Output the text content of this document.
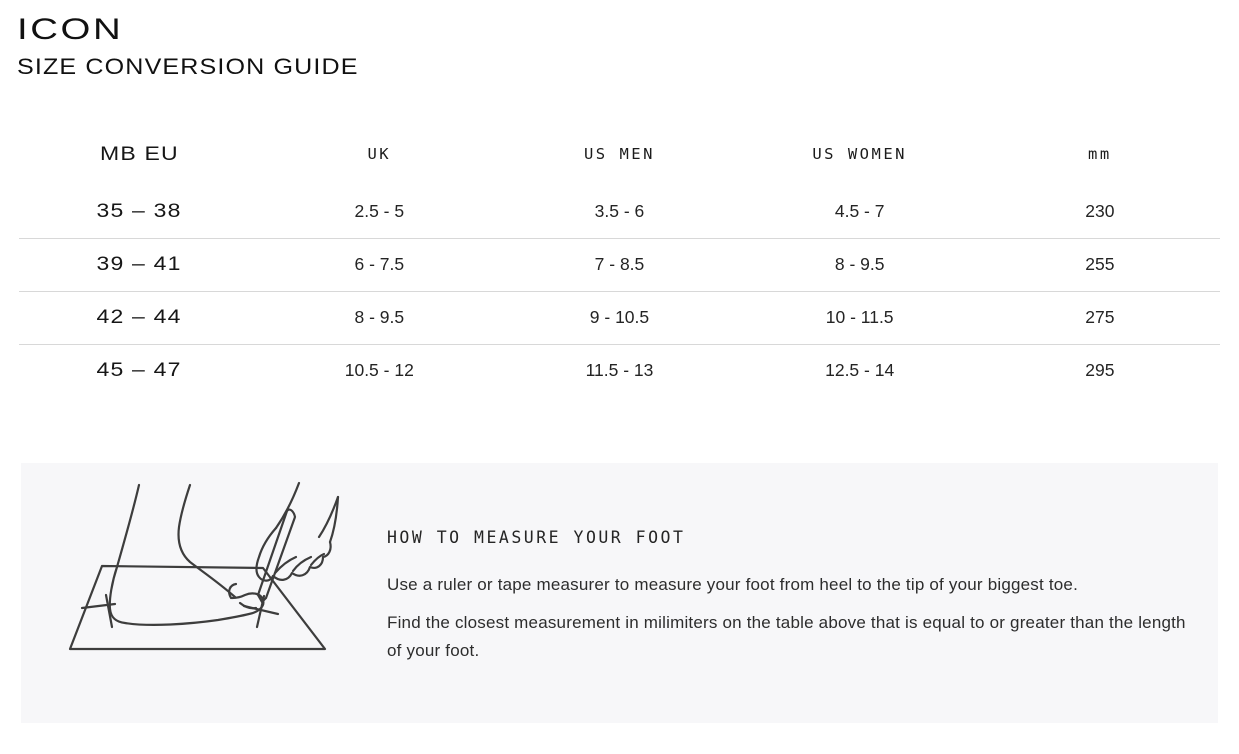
ICON
SIZE CONVERSION GUIDE
MB EU	UK	US MEN	US WOMEN	mm
35 – 38	2.5 - 5	3.5 - 6	4.5 - 7	230
39 – 41	6 - 7.5	7 - 8.5	8 - 9.5	255
42 – 44	8 - 9.5	9 - 10.5	10 - 11.5	275
45 – 47	10.5 - 12	11.5 - 13	12.5 - 14	295
HOW TO MEASURE YOUR FOOT

Use a ruler or tape measurer to measure your foot from heel to the tip of your biggest toe.

Find the closest measurement in milimiters on the table above that is equal to or greater than the length of your foot.
